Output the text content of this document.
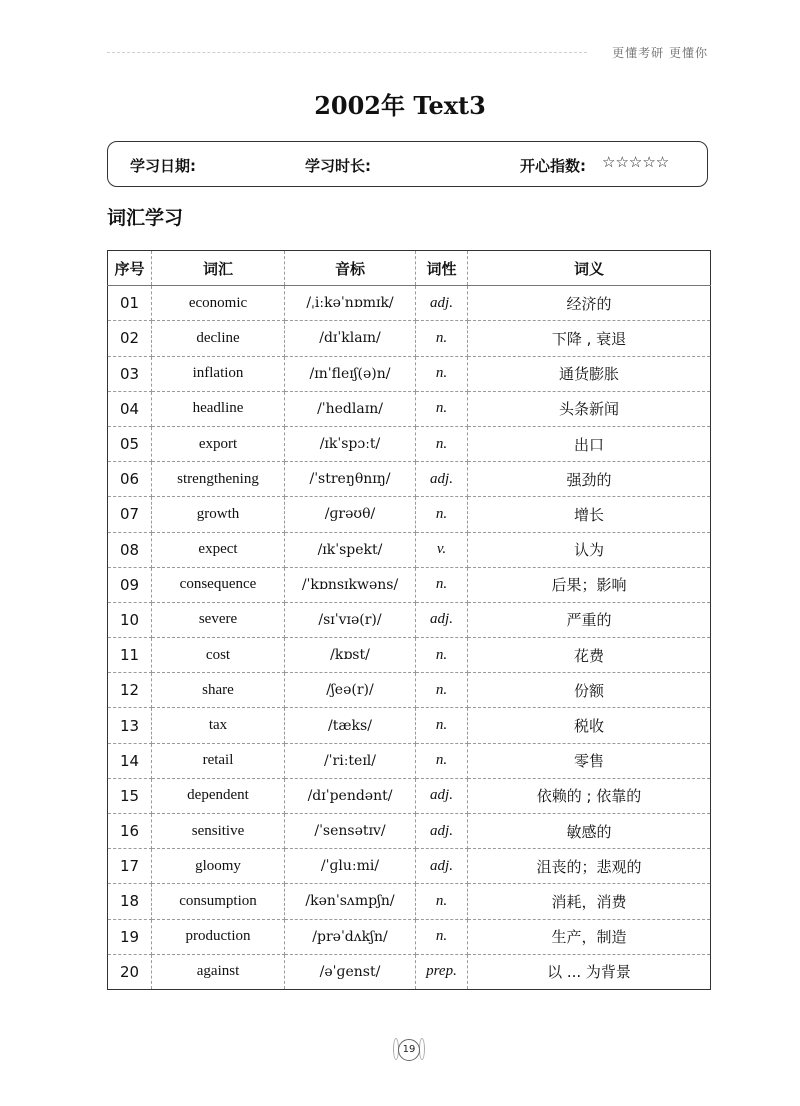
更懂考研 更懂你
2002年 Text3
学习日期:	学习时长:	开心指数: ☆☆☆☆☆
词汇学习
序号	词汇	音标	词性	词义
01	economic	/ˌiːkəˈnɒmɪk/	adj.	经济的
02	decline	/dɪˈklaɪn/	n.	下降 , 衰退
03	inflation	/ɪnˈfleɪʃ(ə)n/	n.	通货膨胀
04	headline	/ˈhedlaɪn/	n.	头条新闻
05	export	/ɪkˈspɔːt/	n.	出口
06	strengthening	/ˈstreŋθnɪŋ/	adj.	强劲的
07	growth	/ɡrəʊθ/	n.	增长
08	expect	/ɪkˈspekt/	v.	认为
09	consequence	/ˈkɒnsɪkwəns/	n.	后果；影响
10	severe	/sɪˈvɪə(r)/	adj.	严重的
11	cost	/kɒst/	n.	花费
12	share	/ʃeə(r)/	n.	份额
13	tax	/tæks/	n.	税收
14	retail	/ˈriːteɪl/	n.	零售
15	dependent	/dɪˈpendənt/	adj.	依赖的 ; 依靠的
16	sensitive	/ˈsensətɪv/	adj.	敏感的
17	gloomy	/ˈɡluːmi/	adj.	沮丧的；悲观的
18	consumption	/kənˈsʌmpʃn/	n.	消耗，消费
19	production	/prəˈdʌkʃn/	n.	生产，制造
20	against	/əˈɡenst/	prep.	以 ... 为背景
19
